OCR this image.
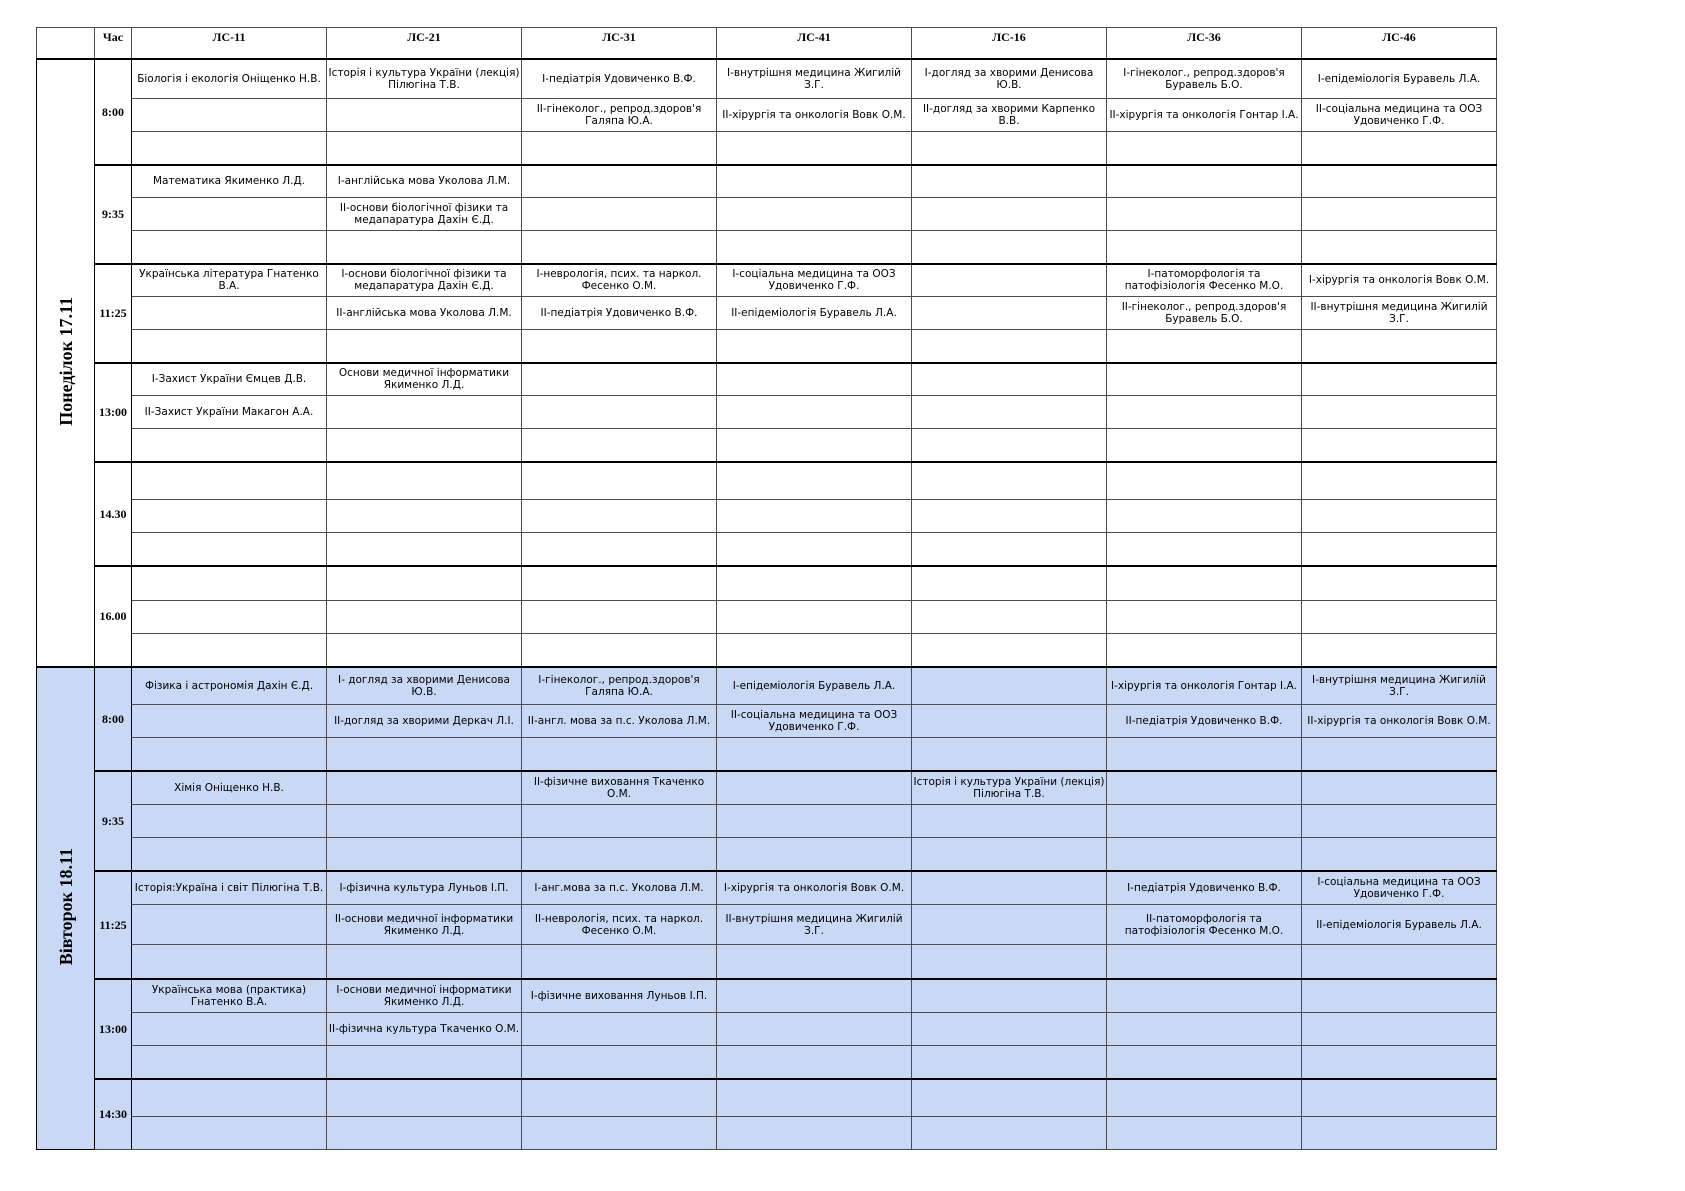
	Час	ЛС-11	ЛС-21	ЛС-31	ЛС-41	ЛС-16	ЛС-36	ЛС-46
Понеділок 17.11	8:00	Біологія і екологія Оніщенко Н.В.	Історія і культура України (лекція) Пілюгіна Т.В.	I-педіатрія Удовиченко В.Ф.	I-внутрішня медицина Жигилій З.Г.	I-догляд за хворими Денисова Ю.В.	I-гінеколог., репрод.здоров'я Буравель Б.О.	I-епідеміологія Буравель Л.А.
				II-гінеколог., репрод.здоров'я Галяпа Ю.А.	II-хірургія та онкологія Вовк О.М.	II-догляд за хворими Карпенко В.В.	II-хірургія та онкологія Гонтар I.А.	II-соціальна медицина та ООЗ Удовиченко Г.Ф.

	9:35	Математика Якименко Л.Д.	I-англійська мова Уколова Л.М.					
			II-основи біологічної фізики та медапаратура Дахін Є.Д.					

	11:25	Українська література Гнатенко В.А.	I-основи біологічної фізики та медапаратура Дахін Є.Д.	I-неврологія, псих. та наркол. Фесенко О.М.	I-соціальна медицина та ООЗ Удовиченко Г.Ф.		I-патоморфологія та патофізіологія Фесенко М.О.	I-хірургія та онкологія Вовк О.М.
			II-англійська мова Уколова Л.М.	II-педіатрія Удовиченко В.Ф.	II-епідеміологія Буравель Л.А.		II-гінеколог., репрод.здоров'я Буравель Б.О.	II-внутрішня медицина Жигилій З.Г.

	13:00	I-Захист України Ємцев Д.В.	Основи медичної інформатики Якименко Л.Д.					
		II-Захист України Макагон А.А.						

	14.30							

	16.00							

Вівторок 18.11	8:00	Фізика і астрономія Дахін Є.Д.	I- догляд за хворими Денисова Ю.В.	I-гінеколог., репрод.здоров'я Галяпа Ю.А.	I-епідеміологія Буравель Л.А.		I-хірургія та онкологія Гонтар I.А.	I-внутрішня медицина Жигилій З.Г.
			II-догляд за хворими Деркач Л.I.	II-англ. мова за п.с. Уколова Л.М.	II-соціальна медицина та ООЗ Удовиченко Г.Ф.		II-педіатрія Удовиченко В.Ф.	II-хірургія та онкологія Вовк О.М.

	9:35	Хімія Оніщенко Н.В.		II-фізичне виховання Ткаченко О.М.		Історія і культура України (лекція) Пілюгіна Т.В.		

	11:25	Історія:Україна і світ Пілюгіна Т.В.	I-фізична культура Луньов I.П.	I-анг.мова за п.с. Уколова Л.М.	I-хірургія та онкологія Вовк О.М.		I-педіатрія Удовиченко В.Ф.	I-соціальна медицина та ООЗ Удовиченко Г.Ф.
			II-основи медичної інформатики Якименко Л.Д.	II-неврологія, псих. та наркол. Фесенко О.М.	II-внутрішня медицина Жигилій З.Г.		II-патоморфологія та патофізіологія Фесенко М.О.	II-епідеміологія Буравель Л.А.

	13:00	Українська мова (практика) Гнатенко В.А.	I-основи медичної інформатики Якименко Л.Д.	I-фізичне виховання Луньов I.П.				
			II-фізична культура Ткаченко О.М.					

	14:30							
